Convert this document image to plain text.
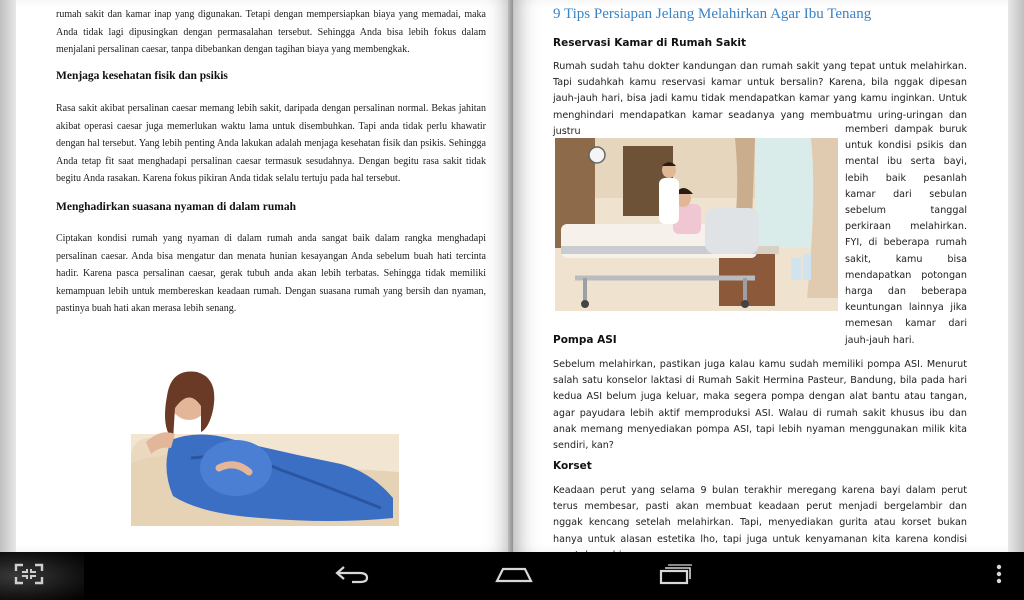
rumah sakit dan kamar inap yang digunakan. Tetapi dengan mempersiapkan biaya yang memadai, maka Anda tidak lagi dipusingkan dengan permasalahan tersebut. Sehingga Anda bisa lebih fokus dalam menjalani persalinan caesar, tanpa dibebankan dengan tagihan biaya yang membengkak.
Menjaga kesehatan fisik dan psikis
Rasa sakit akibat persalinan caesar memang lebih sakit, daripada dengan persalinan normal. Bekas jahitan akibat operasi caesar juga memerlukan waktu lama untuk disembuhkan. Tapi anda tidak perlu khawatir dengan hal tersebut. Yang lebih penting Anda lakukan adalah menjaga kesehatan fisik dan psikis. Sehingga Anda tetap fit saat menghadapi persalinan caesar termasuk sesudahnya. Dengan begitu rasa sakit tidak begitu Anda rasakan. Karena fokus pikiran Anda tidak selalu tertuju pada hal tersebut.
Menghadirkan suasana nyaman di dalam rumah
Ciptakan kondisi rumah yang nyaman di dalam rumah anda sangat baik dalam rangka menghadapi persalinan caesar. Anda bisa mengatur dan menata hunian kesayangan Anda sebelum buah hati tercinta hadir. Karena pasca persalinan caesar, gerak tubuh anda akan lebih terbatas. Sehingga tidak memiliki kemampuan lebih untuk membereskan keadaan rumah. Dengan suasana rumah yang bersih dan nyaman, pastinya buah hati akan merasa lebih senang.
9 Tips Persiapan Jelang Melahirkan Agar Ibu Tenang
Reservasi Kamar di Rumah Sakit
Rumah sudah tahu dokter kandungan dan rumah sakit yang tepat untuk melahirkan. Tapi sudahkah kamu reservasi kamar untuk bersalin? Karena, bila nggak dipesan jauh-jauh hari, bisa jadi kamu tidak mendapatkan kamar yang kamu inginkan. Untuk menghindari mendapatkan kamar seadanya yang membuatmu uring-uringan dan justru	memberi dampak buruk untuk kondisi psikis dan mental ibu serta bayi, lebih baik pesanlah kamar dari sebulan sebelum tanggal perkiraan melahirkan. FYI, di beberapa rumah sakit, kamu bisa mendapatkan potongan harga dan beberapa keuntungan lainnya jika memesan kamar dari jauh-jauh hari.
Pompa ASI
Sebelum melahirkan, pastikan juga kalau kamu sudah memiliki pompa ASI. Menurut salah satu konselor laktasi di Rumah Sakit Hermina Pasteur, Bandung, bila pada hari kedua ASI belum juga keluar, maka segera pompa dengan alat bantu atau tangan, agar payudara lebih aktif memproduksi ASI. Walau di rumah sakit khusus ibu dan anak memang menyediakan pompa ASI, tapi lebih nyaman menggunakan milik kita sendiri, kan?
Korset
Keadaan perut yang selama 9 bulan terakhir meregang karena bayi dalam perut terus membesar, pasti akan membuat keadaan perut menjadi bergelambir dan nggak kencang setelah melahirkan. Tapi, menyediakan gurita atau korset bukan hanya untuk alasan estetika lho, tapi juga untuk kenyamanan kita karena kondisi
